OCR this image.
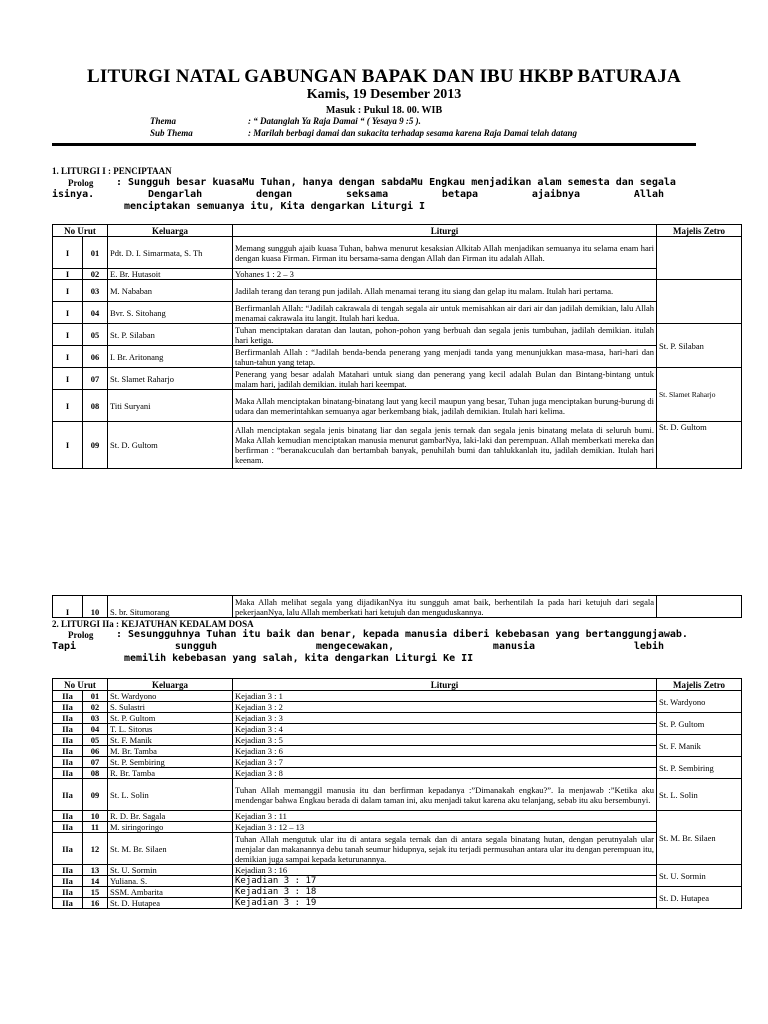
LITURGI NATAL GABUNGAN BAPAK DAN IBU HKBP BATURAJA
Kamis, 19 Desember 2013
Masuk : Pukul 18. 00. WIB
Thema	: “ Datanglah Ya Raja Damai “ ( Yesaya 9 :5 ).
Sub Thema	: Marilah berbagi damai dan sukacita terhadap sesama karena Raja Damai telah datang
1. LITURGI I : PENCIPTAAN
Prolog : Sungguh besar kuasaMu Tuhan, hanya dengan sabdaMu Engkau menjadikan alam semesta dan segala
isinya. Dengarlah dengan seksama betapa ajaibnya Allah
menciptakan semuanya itu, Kita dengarkan Liturgi I
No Urut		Keluarga	Liturgi	Majelis Zetro
I	01	Pdt. D. I. Simarmata, S. Th	Memang sungguh ajaib kuasa Tuhan, bahwa menurut kesaksian Alkitab Allah menjadikan semuanya itu selama enam hari dengan kuasa Firman. Firman itu bersama-sama dengan Allah dan Firman itu adalah Allah.	
I	02	E. Br. Hutasoit	Yohanes 1 : 2 – 3	
I	03	M. Nababan	Jadilah terang dan terang pun jadilah. Allah menamai terang itu siang dan gelap itu malam. Itulah hari pertama.	
I	04	Bvr. S. Sitohang	Berfirmanlah Allah: “Jadilah cakrawala di tengah segala air untuk memisahkan air dari air dan jadilah demikian, lalu Allah menamai cakrawala itu langit. Itulah hari kedua.	
I	05	St. P. Silaban	Tuhan menciptakan daratan dan lautan, pohon-pohon yang berbuah dan segala jenis tumbuhan, jadilah demikian. itulah hari ketiga.	St. P. Silaban
I	06	I. Br. Aritonang	Berfirmanlah Allah : “Jadilah benda-benda penerang yang menjadi tanda yang menunjukkan masa-masa, hari-hari dan tahun-tahun yang tetap.	
I	07	St. Slamet Raharjo	Penerang yang besar adalah Matahari untuk siang dan penerang yang kecil adalah Bulan dan Bintang-bintang untuk malam hari, jadilah demikian. itulah hari keempat.	St. Slamet Raharjo
I	08	Titi Suryani	Maka Allah menciptakan binatang-binatang laut yang kecil maupun yang besar, Tuhan juga menciptakan burung-burung di udara dan memerintahkan semuanya agar berkembang biak, jadilah demikian. Itulah hari kelima.	
I	09	St. D. Gultom	Allah menciptakan segala jenis binatang liar dan segala jenis ternak dan segala jenis binatang melata di seluruh bumi. Maka Allah kemudian menciptakan manusia menurut gambarNya, laki-laki dan perempuan. Allah memberkati mereka dan berfirman : “beranakcuculah dan bertambah banyak, penuhilah bumi dan tahlukkanlah itu, jadilah demikian. Itulah hari keenam.	St. D. Gultom
I	10	S. br. Situmorang	Maka Allah melihat segala yang dijadikanNya itu sungguh amat baik, berhentilah Ia pada hari ketujuh dari segala pekerjaanNya, lalu Allah memberkati hari ketujuh dan menguduskannya.	
2. LITURGI IIa : KEJATUHAN KEDALAM DOSA
Prolog : Sesungguhnya Tuhan itu baik dan benar, kepada manusia diberi kebebasan yang bertanggungjawab.
Tapi sungguh mengecewakan, manusia lebih
memilih kebebasan yang salah, kita dengarkan Liturgi Ke II
No Urut		Keluarga	Liturgi	Majelis Zetro
IIa	01	St. Wardyono	Kejadian 3 : 1	St. Wardyono
IIa	02	S. Sulastri	Kejadian 3 : 2	
IIa	03	St. P. Gultom	Kejadian 3 : 3	St. P. Gultom
IIa	04	T. L. Sitorus	Kejadian 3 : 4	
IIa	05	St. F. Manik	Kejadian 3 : 5	St. F. Manik
IIa	06	M. Br. Tamba	Kejadian 3 : 6	
IIa	07	St. P. Sembiring	Kejadian 3 : 7	St. P. Sembiring
IIa	08	R. Br. Tamba	Kejadian 3 : 8	
IIa	09	St. L. Solin	Tuhan Allah memanggil manusia itu dan berfirman kepadanya :”Dimanakah engkau?”. Ia menjawab :”Ketika aku mendengar bahwa Engkau berada di dalam taman ini, aku menjadi takut karena aku telanjang, sebab itu aku bersembunyi.	St. L. Solin
IIa	10	R. D. Br. Sagala	Kejadian 3 : 11	St. M. Br. Silaen
IIa	11	M. siringoringo	Kejadian 3 : 12 – 13	
IIa	12	St. M. Br. Silaen	Tuhan Allah mengutuk ular itu di antara segala ternak dan di antara segala binatang hutan, dengan perutnyalah ular menjalar dan makanannya debu tanah seumur hidupnya, sejak itu terjadi permusuhan antara ular itu dengan perempuan itu, demikian juga sampai kepada keturunannya.	
IIa	13	St. U. Sormin	Kejadian 3 : 16	St. U. Sormin
IIa	14	Yuliana. S.	Kejadian 3 : 17	
IIa	15	SSM. Ambarita	Kejadian 3 : 18	St. D. Hutapea
IIa	16	St. D. Hutapea	Kejadian 3 : 19	
